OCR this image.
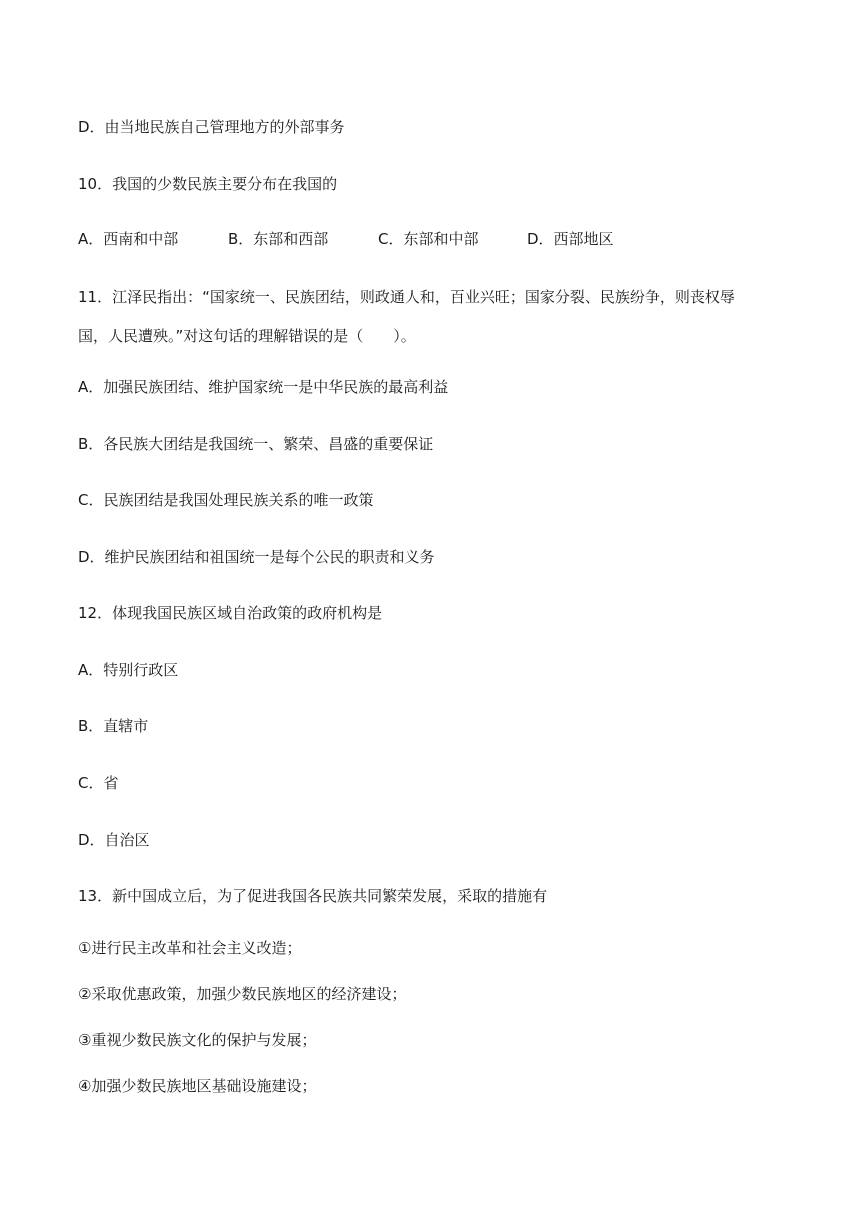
D．由当地民族自己管理地方的外部事务
10．我国的少数民族主要分布在我国的
A．西南和中部	B．东部和西部	C．东部和中部	D．西部地区
11．江泽民指出：“国家统一、民族团结，则政通人和，百业兴旺；国家分裂、民族纷争，则丧权辱
国，人民遭殃。”对这句话的理解错误的是（　　）。
A．加强民族团结、维护国家统一是中华民族的最高利益
B．各民族大团结是我国统一、繁荣、昌盛的重要保证
C．民族团结是我国处理民族关系的唯一政策
D．维护民族团结和祖国统一是每个公民的职责和义务
12．体现我国民族区域自治政策的政府机构是
A．特别行政区
B．直辖市
C．省
D．自治区
13．新中国成立后，为了促进我国各民族共同繁荣发展，采取的措施有
①进行民主改革和社会主义改造；
②采取优惠政策，加强少数民族地区的经济建设；
③重视少数民族文化的保护与发展；
④加强少数民族地区基础设施建设；
